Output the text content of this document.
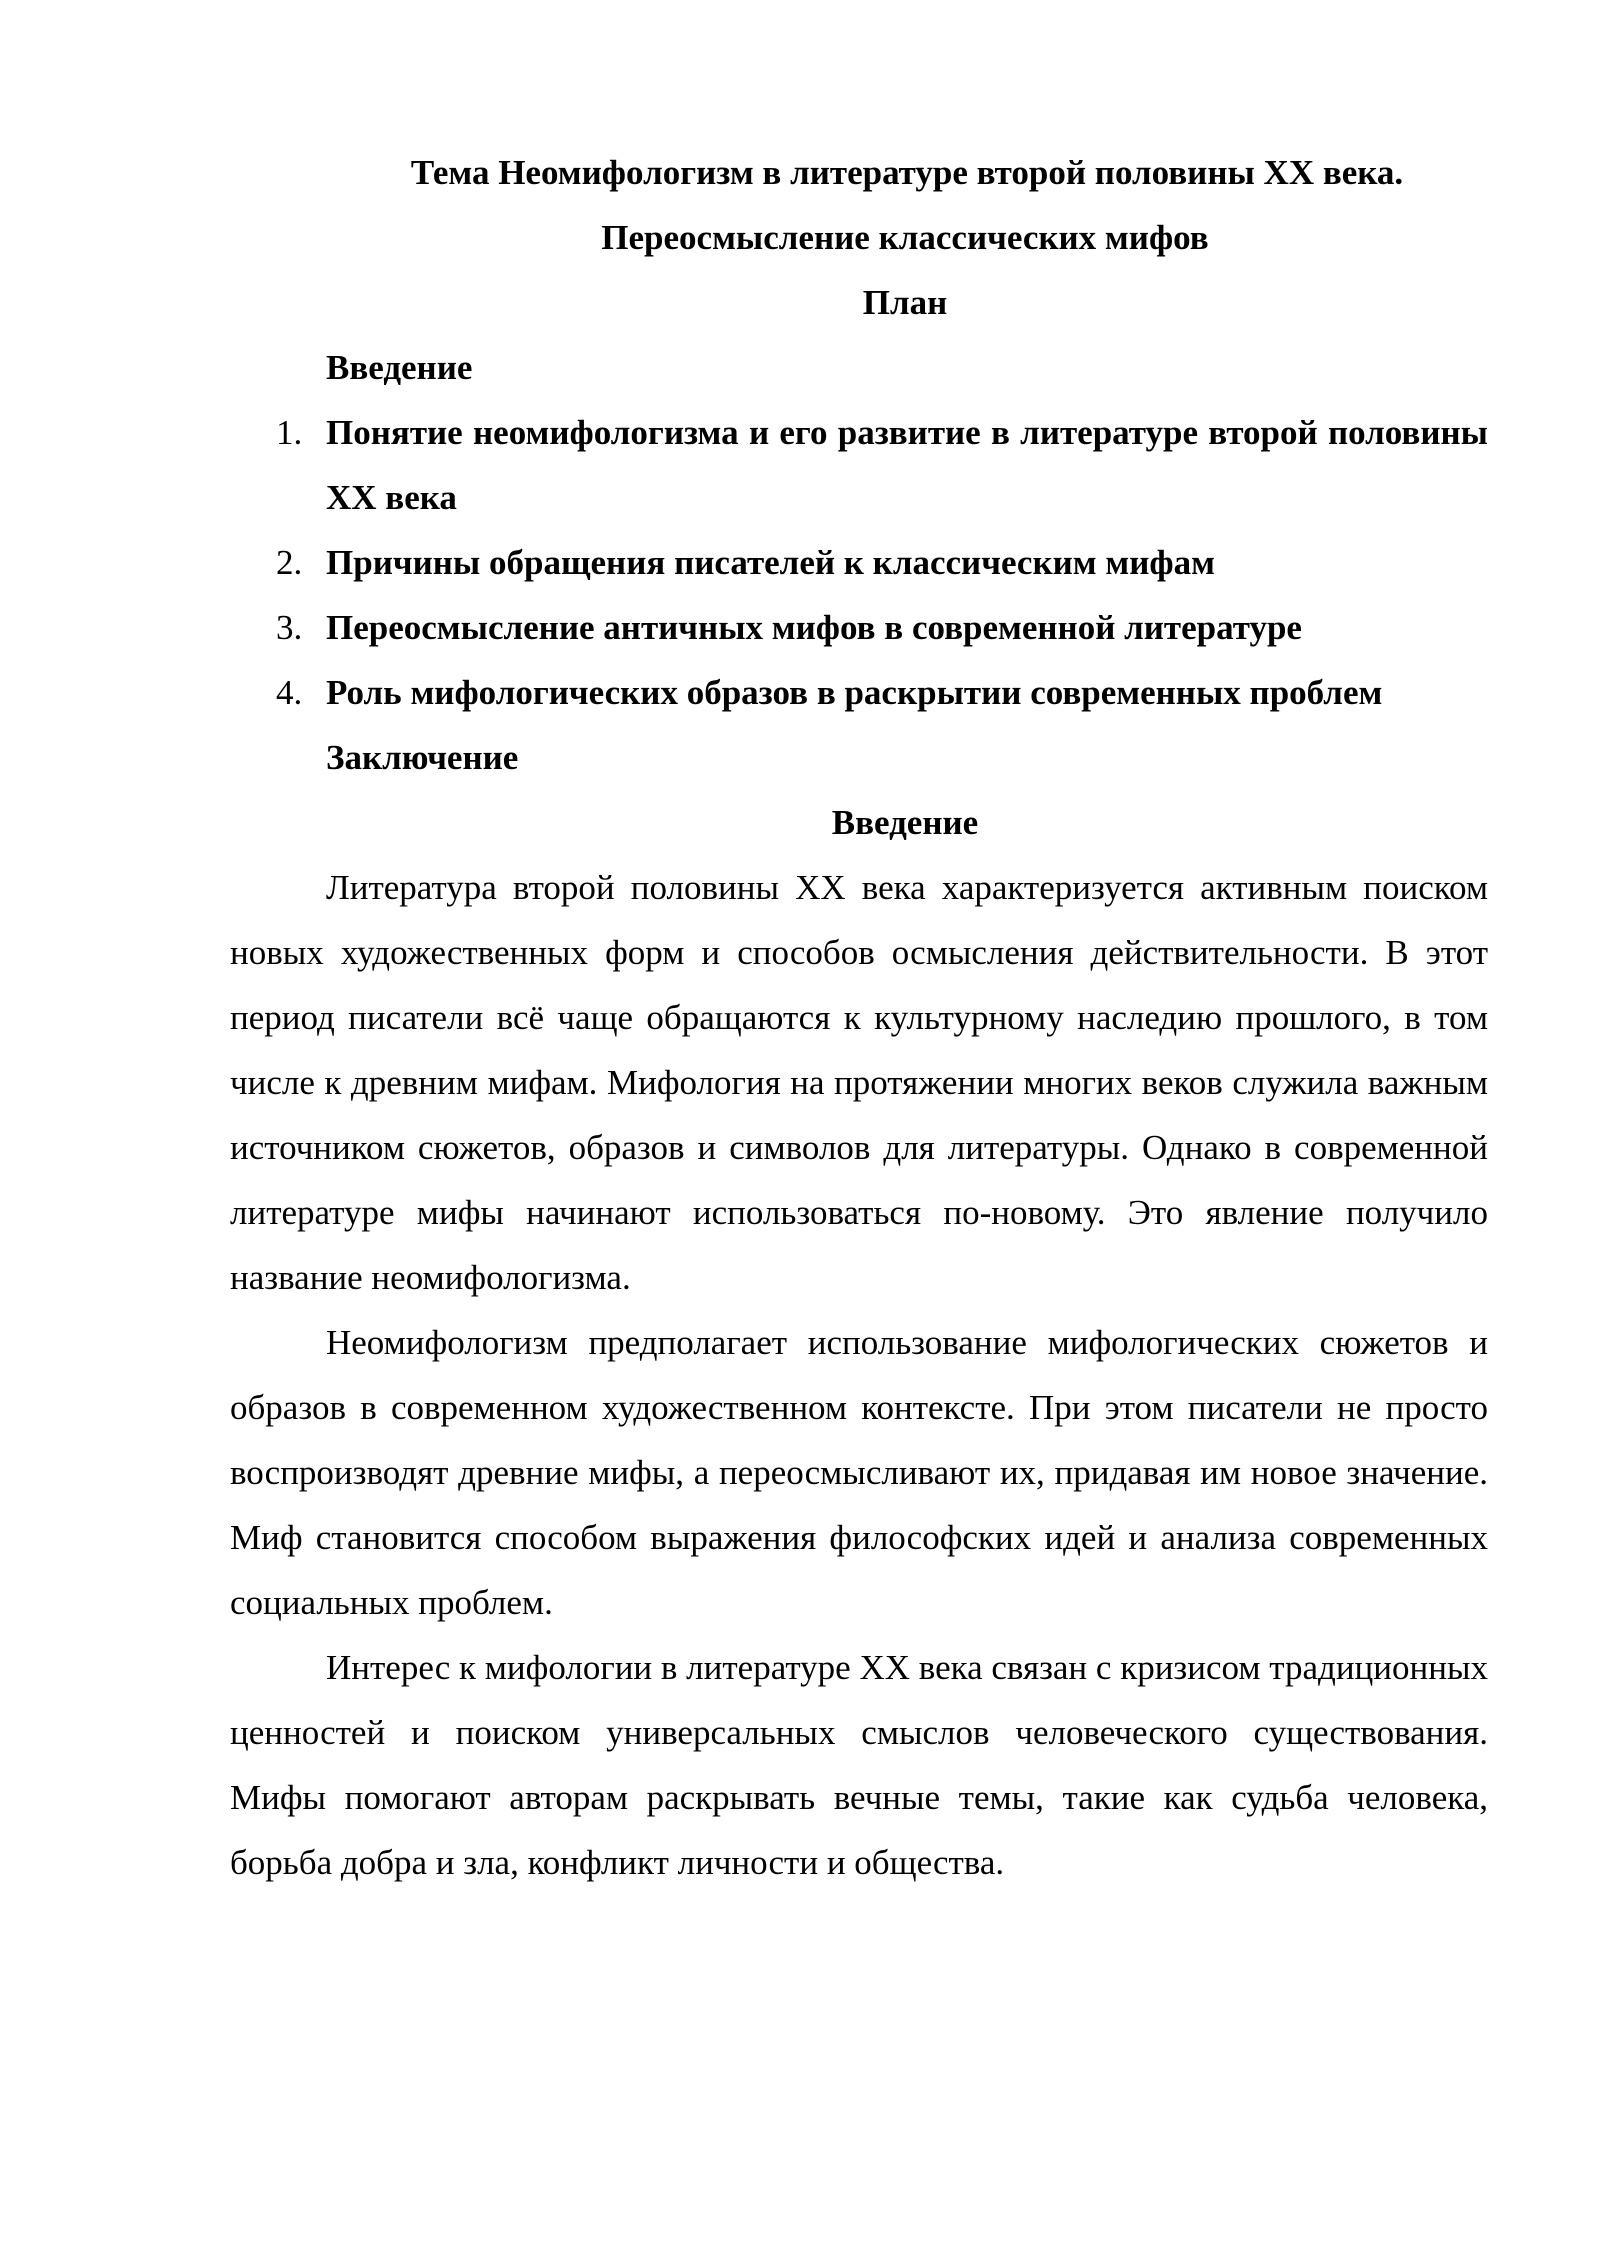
Тема Неомифологизм в литературе второй половины ХХ века.

Переосмысление классических мифов

План

Введение

1. Понятие неомифологизма и его развитие в литературе второй половины ХХ века
2. Причины обращения писателей к классическим мифам
3. Переосмысление античных мифов в современной литературе
4. Роль мифологических образов в раскрытии современных проблем

Заключение

Введение

Литература второй половины ХХ века характеризуется активным поиском новых художественных форм и способов осмысления действительности. В этот период писатели всё чаще обращаются к культурному наследию прошлого, в том числе к древним мифам. Мифология на протяжении многих веков служила важным источником сюжетов, образов и символов для литературы. Однако в современной литературе мифы начинают использоваться по-новому. Это явление получило название неомифологизма.

Неомифологизм предполагает использование мифологических сюжетов и образов в современном художественном контексте. При этом писатели не просто воспроизводят древние мифы, а переосмысливают их, придавая им новое значение. Миф становится способом выражения философских идей и анализа современных социальных проблем.

Интерес к мифологии в литературе ХХ века связан с кризисом традиционных ценностей и поиском универсальных смыслов человеческого существования. Мифы помогают авторам раскрывать вечные темы, такие как судьба человека, борьба добра и зла, конфликт личности и общества.
